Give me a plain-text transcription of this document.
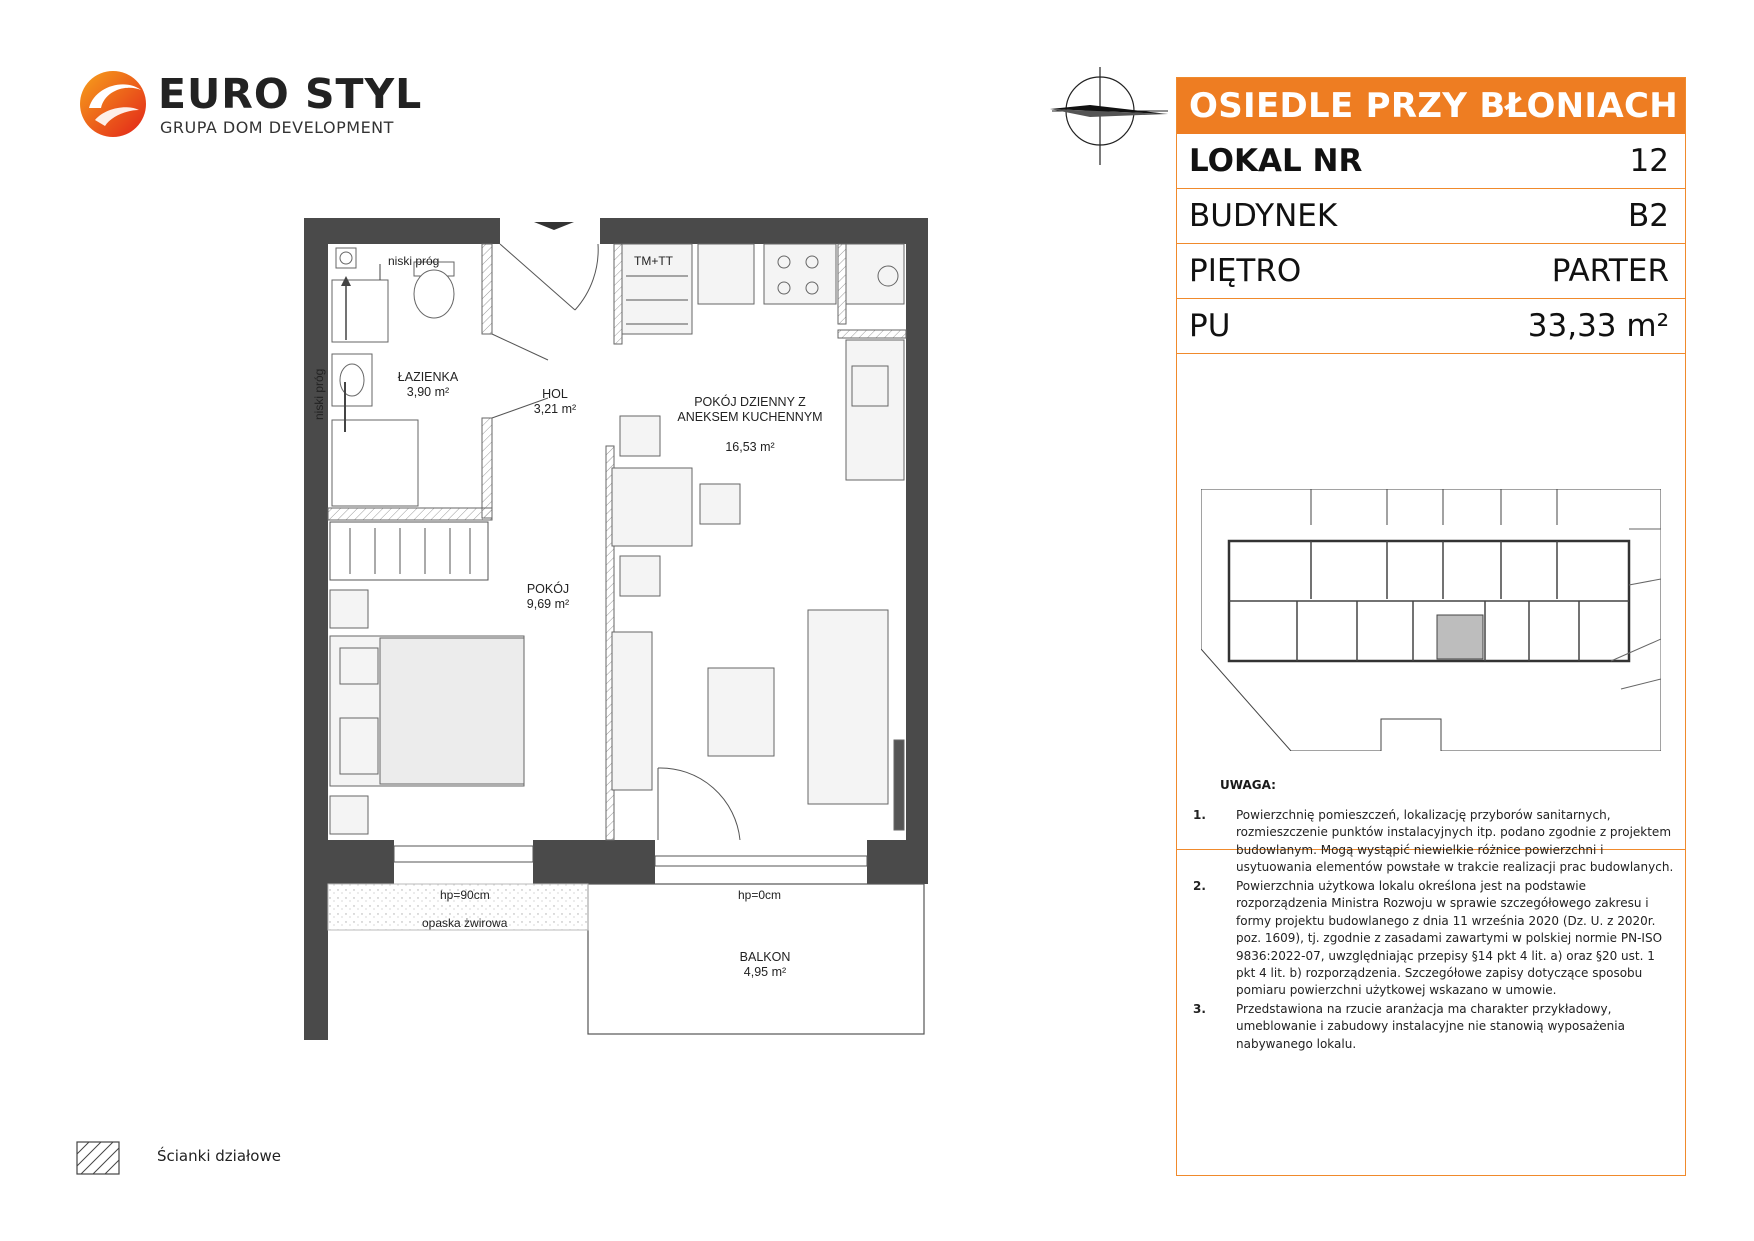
EURO STYL
GRUPA DOM DEVELOPMENT
ŁAZIENKA
3,90 m²	HOL
3,21 m²	POKÓJ DZIENNY Z
ANEKSEM KUCHENNYM

16,53 m²

POKÓJ
9,69 m²
BALKON
4,95 m²
niski próg
niski próg
TM+TT
hp=90cm	hp=0cm
opaska żwirowa
Ścianki działowe
OSIEDLE PRZY BŁONIACH
LOKAL NR	12
BUDYNEK	B2
PIĘTRO	PARTER
PU	33,33 m²
UWAGA:
1.	Powierzchnię pomieszczeń, lokalizację przyborów sanitarnych, rozmieszczenie punktów instalacyjnych itp. podano zgodnie z projektem budowlanym. Mogą wystąpić niewielkie różnice powierzchni i usytuowania elementów powstałe w trakcie realizacji prac budowlanych.
2.	Powierzchnia użytkowa lokalu określona jest na podstawie rozporządzenia Ministra Rozwoju w sprawie szczegółowego zakresu i formy projektu budowlanego z dnia 11 września 2020 (Dz. U. z 2020r. poz. 1609), tj. zgodnie z zasadami zawartymi w polskiej normie PN-ISO 9836:2022-07, uwzględniając przepisy §14 pkt 4 lit. a) oraz §20 ust. 1 pkt 4 lit. b) rozporządzenia. Szczegółowe zapisy dotyczące sposobu pomiaru powierzchni użytkowej wskazano w umowie.
3.	Przedstawiona na rzucie aranżacja ma charakter przykładowy, umeblowanie i zabudowy instalacyjne nie stanowią wyposażenia nabywanego lokalu.
